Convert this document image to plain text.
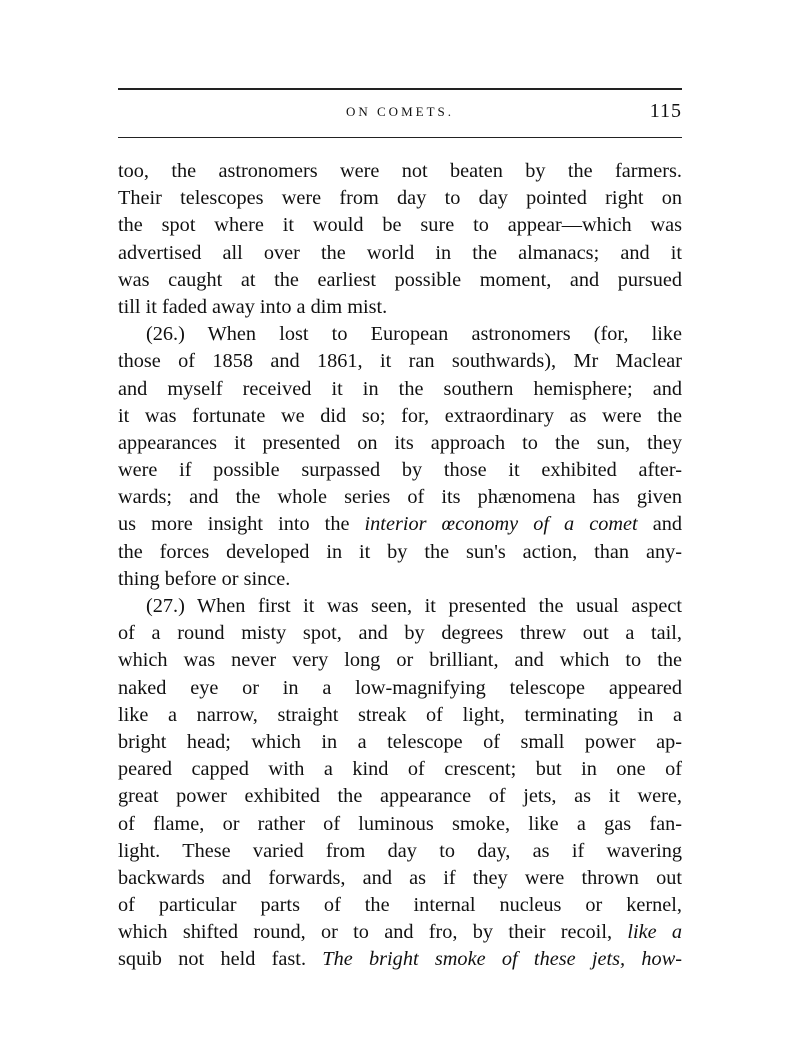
ON COMETS.	115
too, the astronomers were not beaten by the farmers.
Their telescopes were from day to day pointed right on
the spot where it would be sure to appear—which was
advertised all over the world in the almanacs; and it
was caught at the earliest possible moment, and pursued
till it faded away into a dim mist.
(26.) When lost to European astronomers (for, like
those of 1858 and 1861, it ran southwards), Mr Maclear
and myself received it in the southern hemisphere; and
it was fortunate we did so; for, extraordinary as were the
appearances it presented on its approach to the sun, they
were if possible surpassed by those it exhibited after-
wards; and the whole series of its phænomena has given
us more insight into the interior œconomy of a comet and
the forces developed in it by the sun's action, than any-
thing before or since.
(27.) When first it was seen, it presented the usual aspect
of a round misty spot, and by degrees threw out a tail,
which was never very long or brilliant, and which to the
naked eye or in a low-magnifying telescope appeared
like a narrow, straight streak of light, terminating in a
bright head; which in a telescope of small power ap-
peared capped with a kind of crescent; but in one of
great power exhibited the appearance of jets, as it were,
of flame, or rather of luminous smoke, like a gas fan-
light. These varied from day to day, as if wavering
backwards and forwards, and as if they were thrown out
of particular parts of the internal nucleus or kernel,
which shifted round, or to and fro, by their recoil, like a
squib not held fast. The bright smoke of these jets, how-
